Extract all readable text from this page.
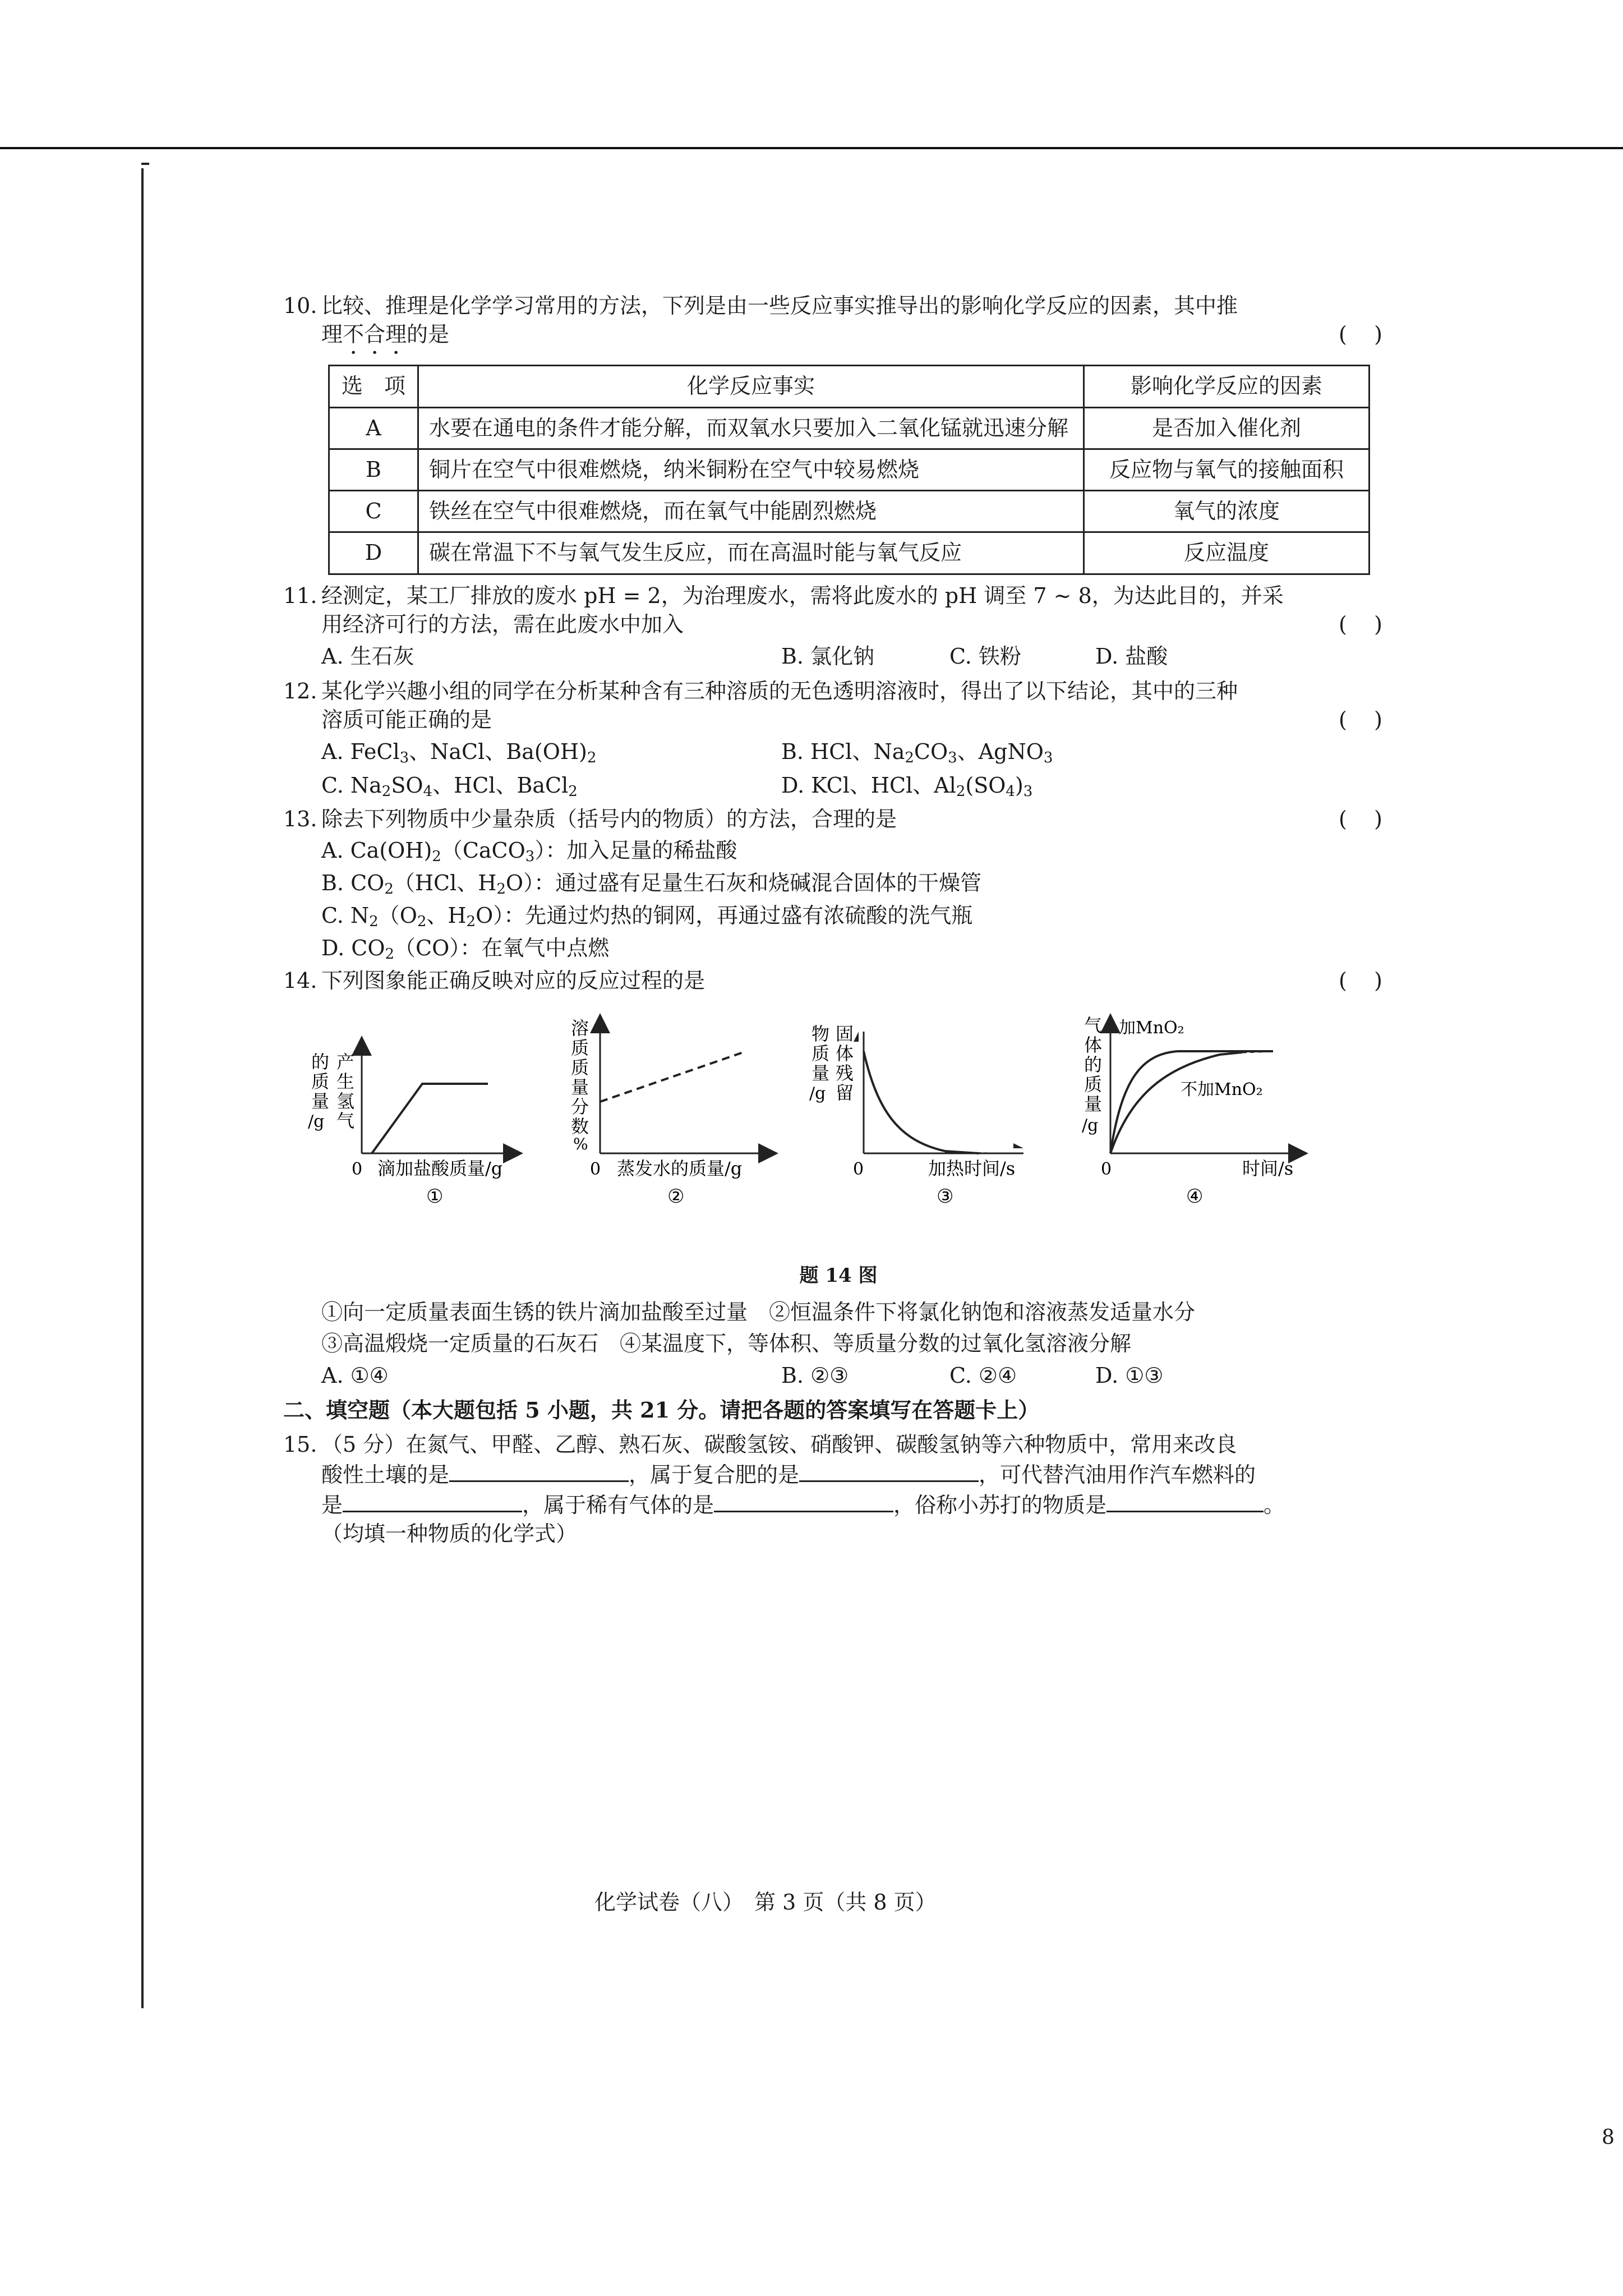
10. 比较、推理是化学学习常用的方法，下列是由一些反应事实推导出的影响化学反应的因素，其中推
理不合理的是	(    )
选　项	化学反应事实	影响化学反应的因素
A	水要在通电的条件才能分解，而双氧水只要加入二氧化锰就迅速分解	是否加入催化剂
B	铜片在空气中很难燃烧，纳米铜粉在空气中较易燃烧	反应物与氧气的接触面积
C	铁丝在空气中很难燃烧，而在氧气中能剧烈燃烧	氧气的浓度
D	碳在常温下不与氧气发生反应，而在高温时能与氧气反应	反应温度
11. 经测定，某工厂排放的废水 pH = 2，为治理废水，需将此废水的 pH 调至 7 ~ 8，为达此目的，并采
用经济可行的方法，需在此废水中加入	(    )
A. 生石灰	B. 氯化钠	C. 铁粉	D. 盐酸
12. 某化学兴趣小组的同学在分析某种含有三种溶质的无色透明溶液时，得出了以下结论，其中的三种
溶质可能正确的是	(    )
A. FeCl$_3$、NaCl、$Ba(OH)_2$	B. HCl、$Na_2CO_3$、AgNO$_3$
C. $Na_2SO_4$、HCl、BaCl$_2$	D. KCl、HCl、$Al_2(SO_4)_3$
13. 除去下列物质中少量杂质（括号内的物质）的方法，合理的是	(    )
A. $Ca(OH)_2(CaCO_3)$：加入足量的稀盐酸
B. $CO_2(HCl$、$H_2O$）：通过盛有足量生石灰和烧碱混合固体的干燥管
C. $N_2(O_2$、$H_2O$）：先通过灼热的铜网，再通过盛有浓硫酸的洗气瓶
D. $CO_2(CO)$：在氧气中点燃
14. 下列图象能正确反映对应的反应过程的是	(    )
的
质
量
/g
产
生
氢
气
0 滴加盐酸质量/g
①
溶
质
质
量
分
数
%
0 蒸发水的质量/g
②
物
质
量
/g
固
体
残
留
0	加热时间/s
③
加MnO₂
不加MnO₂
气
体
的
质
量
/g
0	时间/s
④
题 14 图
①向一定质量表面生锈的铁片滴加盐酸至过量　②恒温条件下将氯化钠饱和溶液蒸发适量水分
③高温煅烧一定质量的石灰石　④某温度下，等体积、等质量分数的过氧化氢溶液分解
A. ①④	B. ②③	C. ②④	D. ①③
二、填空题（本大题包括 5 小题，共 21 分。请把各题的答案填写在答题卡上）
15. （5 分）在氮气、甲醛、乙醇、熟石灰、碳酸氢铵、硝酸钾、碳酸氢钠等六种物质中，常用来改良
酸性土壤的是	，属于复合肥的是	，可代替汽油用作汽车燃料的
是	，属于稀有气体的是	，俗称小苏打的物质是	。
（均填一种物质的化学式）
化学试卷（八）　第 3 页（共 8 页）
8
